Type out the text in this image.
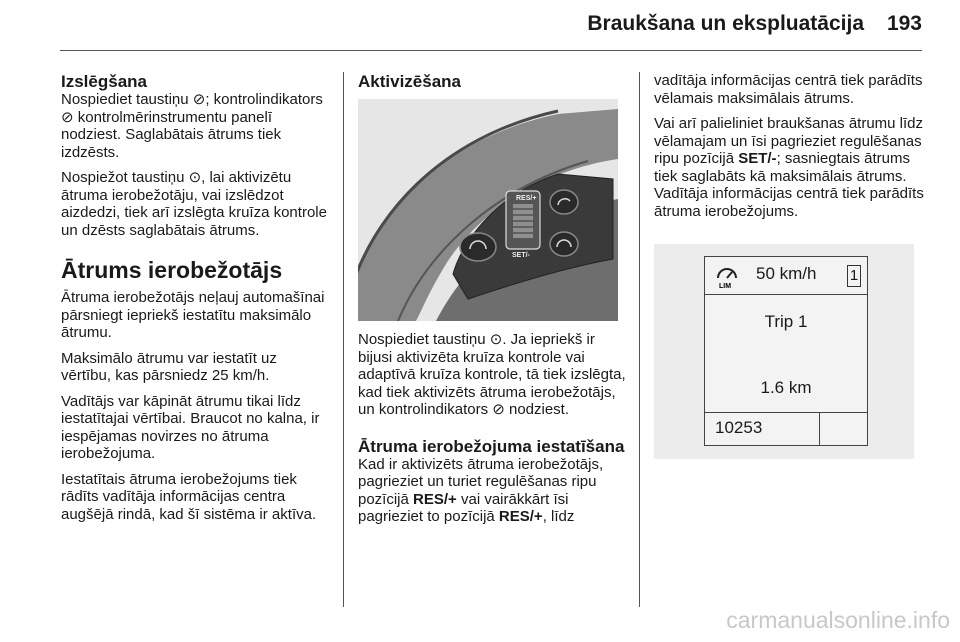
Braukšana un ekspluatācija 193
Izslēgšana

Nospiediet taustiņu ⊘; kontrolindikators ⊘ kontrolmērinstrumentu panelī nodziest. Saglabātais ātrums tiek izdzēsts.

Nospiežot taustiņu ⊙, lai aktivizētu ātruma ierobežotāju, vai izslēdzot aizdedzi, tiek arī izslēgta kruīza kontrole un dzēsts saglabātais ātrums.

Ātrums ierobežotājs

Ātruma ierobežotājs neļauj automašīnai pārsniegt iepriekš iestatītu maksimālo ātrumu.

Maksimālo ātrumu var iestatīt uz vērtību, kas pārsniedz 25 km/h.

Vadītājs var kāpināt ātrumu tikai līdz iestatītajai vērtībai. Braucot no kalna, ir iespējamas novirzes no ātruma ierobežojuma.

Iestatītais ātruma ierobežojums tiek rādīts vadītāja informācijas centra augšējā rindā, kad šī sistēma ir aktīva.

Aktivizēšana
RES/+
SET/-

Nospiediet taustiņu ⊙. Ja iepriekš ir bijusi aktivizēta kruīza kontrole vai adaptīvā kruīza kontrole, tā tiek izslēgta, kad tiek aktivizēts ātruma ierobežotājs, un kontrolindikators ⊘ nodziest.

Ātruma ierobežojuma iestatīšana

Kad ir aktivizēts ātruma ierobežotājs, pagrieziet un turiet regulēšanas ripu pozīcijā RES/+ vai vairākkārt īsi pagrieziet to pozīcijā RES/+, līdz

vadītāja informācijas centrā tiek parādīts vēlamais maksimālais ātrums.

Vai arī palieliniet braukšanas ātrumu līdz vēlamajam un īsi pagrieziet regulēšanas ripu pozīcijā SET/-; sasniegtais ātrums tiek saglabāts kā maksimālais ātrums. Vadītāja informācijas centrā tiek parādīts ātruma ierobežojums.

LIM
50 km/h 1
Trip 1
1.6 km
10253
carmanualsonline.info
